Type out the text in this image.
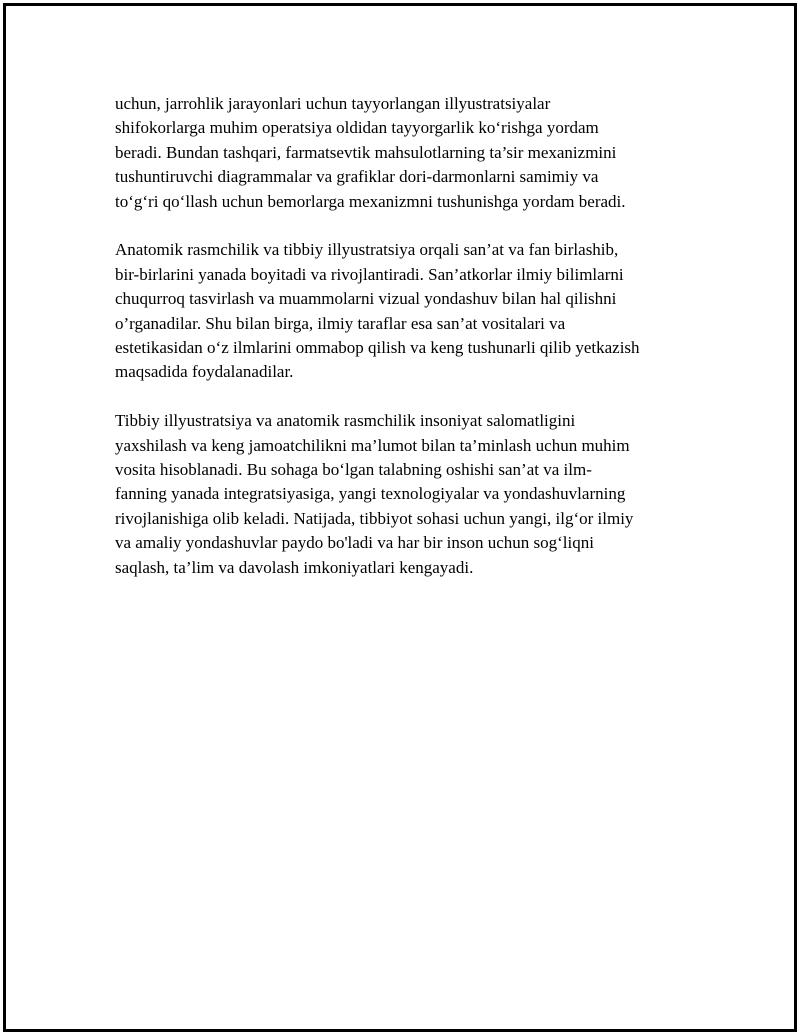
uchun, jarrohlik jarayonlari uchun tayyorlangan illyustratsiyalar
shifokorlarga muhim operatsiya oldidan tayyorgarlik ko‘rishga yordam
beradi. Bundan tashqari, farmatsevtik mahsulotlarning ta’sir mexanizmini
tushuntiruvchi diagrammalar va grafiklar dori-darmonlarni samimiy va
to‘g‘ri qo‘llash uchun bemorlarga mexanizmni tushunishga yordam beradi.

Anatomik rasmchilik va tibbiy illyustratsiya orqali san’at va fan birlashib,
bir-birlarini yanada boyitadi va rivojlantiradi. San’atkorlar ilmiy bilimlarni
chuqurroq tasvirlash va muammolarni vizual yondashuv bilan hal qilishni
o’rganadilar. Shu bilan birga, ilmiy taraflar esa san’at vositalari va
estetikasidan o‘z ilmlarini ommabop qilish va keng tushunarli qilib yetkazish
maqsadida foydalanadilar.

Tibbiy illyustratsiya va anatomik rasmchilik insoniyat salomatligini
yaxshilash va keng jamoatchilikni ma’lumot bilan ta’minlash uchun muhim
vosita hisoblanadi. Bu sohaga bo‘lgan talabning oshishi san’at va ilm-
fanning yanada integratsiyasiga, yangi texnologiyalar va yondashuvlarning
rivojlanishiga olib keladi. Natijada, tibbiyot sohasi uchun yangi, ilg‘or ilmiy
va amaliy yondashuvlar paydo bo'ladi va har bir inson uchun sog‘liqni
saqlash, ta’lim va davolash imkoniyatlari kengayadi.
